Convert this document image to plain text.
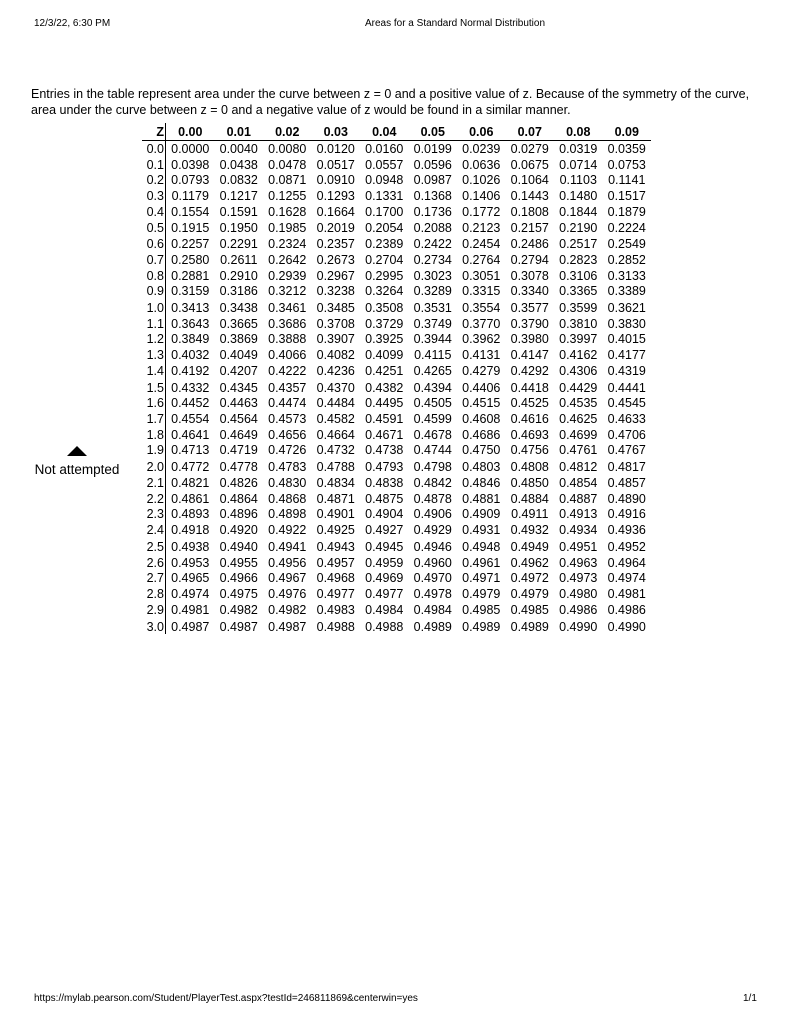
12/3/22, 6:30 PM	Areas for a Standard Normal Distribution
Entries in the table represent area under the curve between z = 0 and a positive value of z. Because of the symmetry of the curve, area under the curve between z = 0 and a negative value of z would be found in a similar manner.
Z	0.00	0.01	0.02	0.03	0.04	0.05	0.06	0.07	0.08	0.09
0.0	0.0000	0.0040	0.0080	0.0120	0.0160	0.0199	0.0239	0.0279	0.0319	0.0359
0.1	0.0398	0.0438	0.0478	0.0517	0.0557	0.0596	0.0636	0.0675	0.0714	0.0753
0.2	0.0793	0.0832	0.0871	0.0910	0.0948	0.0987	0.1026	0.1064	0.1103	0.1141
0.3	0.1179	0.1217	0.1255	0.1293	0.1331	0.1368	0.1406	0.1443	0.1480	0.1517
0.4	0.1554	0.1591	0.1628	0.1664	0.1700	0.1736	0.1772	0.1808	0.1844	0.1879
0.5	0.1915	0.1950	0.1985	0.2019	0.2054	0.2088	0.2123	0.2157	0.2190	0.2224
0.6	0.2257	0.2291	0.2324	0.2357	0.2389	0.2422	0.2454	0.2486	0.2517	0.2549
0.7	0.2580	0.2611	0.2642	0.2673	0.2704	0.2734	0.2764	0.2794	0.2823	0.2852
0.8	0.2881	0.2910	0.2939	0.2967	0.2995	0.3023	0.3051	0.3078	0.3106	0.3133
0.9	0.3159	0.3186	0.3212	0.3238	0.3264	0.3289	0.3315	0.3340	0.3365	0.3389
1.0	0.3413	0.3438	0.3461	0.3485	0.3508	0.3531	0.3554	0.3577	0.3599	0.3621
1.1	0.3643	0.3665	0.3686	0.3708	0.3729	0.3749	0.3770	0.3790	0.3810	0.3830
1.2	0.3849	0.3869	0.3888	0.3907	0.3925	0.3944	0.3962	0.3980	0.3997	0.4015
1.3	0.4032	0.4049	0.4066	0.4082	0.4099	0.4115	0.4131	0.4147	0.4162	0.4177
1.4	0.4192	0.4207	0.4222	0.4236	0.4251	0.4265	0.4279	0.4292	0.4306	0.4319
1.5	0.4332	0.4345	0.4357	0.4370	0.4382	0.4394	0.4406	0.4418	0.4429	0.4441
1.6	0.4452	0.4463	0.4474	0.4484	0.4495	0.4505	0.4515	0.4525	0.4535	0.4545
1.7	0.4554	0.4564	0.4573	0.4582	0.4591	0.4599	0.4608	0.4616	0.4625	0.4633
1.8	0.4641	0.4649	0.4656	0.4664	0.4671	0.4678	0.4686	0.4693	0.4699	0.4706
1.9	0.4713	0.4719	0.4726	0.4732	0.4738	0.4744	0.4750	0.4756	0.4761	0.4767
2.0	0.4772	0.4778	0.4783	0.4788	0.4793	0.4798	0.4803	0.4808	0.4812	0.4817
2.1	0.4821	0.4826	0.4830	0.4834	0.4838	0.4842	0.4846	0.4850	0.4854	0.4857
2.2	0.4861	0.4864	0.4868	0.4871	0.4875	0.4878	0.4881	0.4884	0.4887	0.4890
2.3	0.4893	0.4896	0.4898	0.4901	0.4904	0.4906	0.4909	0.4911	0.4913	0.4916
2.4	0.4918	0.4920	0.4922	0.4925	0.4927	0.4929	0.4931	0.4932	0.4934	0.4936
2.5	0.4938	0.4940	0.4941	0.4943	0.4945	0.4946	0.4948	0.4949	0.4951	0.4952
2.6	0.4953	0.4955	0.4956	0.4957	0.4959	0.4960	0.4961	0.4962	0.4963	0.4964
2.7	0.4965	0.4966	0.4967	0.4968	0.4969	0.4970	0.4971	0.4972	0.4973	0.4974
2.8	0.4974	0.4975	0.4976	0.4977	0.4977	0.4978	0.4979	0.4979	0.4980	0.4981
2.9	0.4981	0.4982	0.4982	0.4983	0.4984	0.4984	0.4985	0.4985	0.4986	0.4986
3.0	0.4987	0.4987	0.4987	0.4988	0.4988	0.4989	0.4989	0.4989	0.4990	0.4990
Not attempted
https://mylab.pearson.com/Student/PlayerTest.aspx?testId=246811869&centerwin=yes	1/1
